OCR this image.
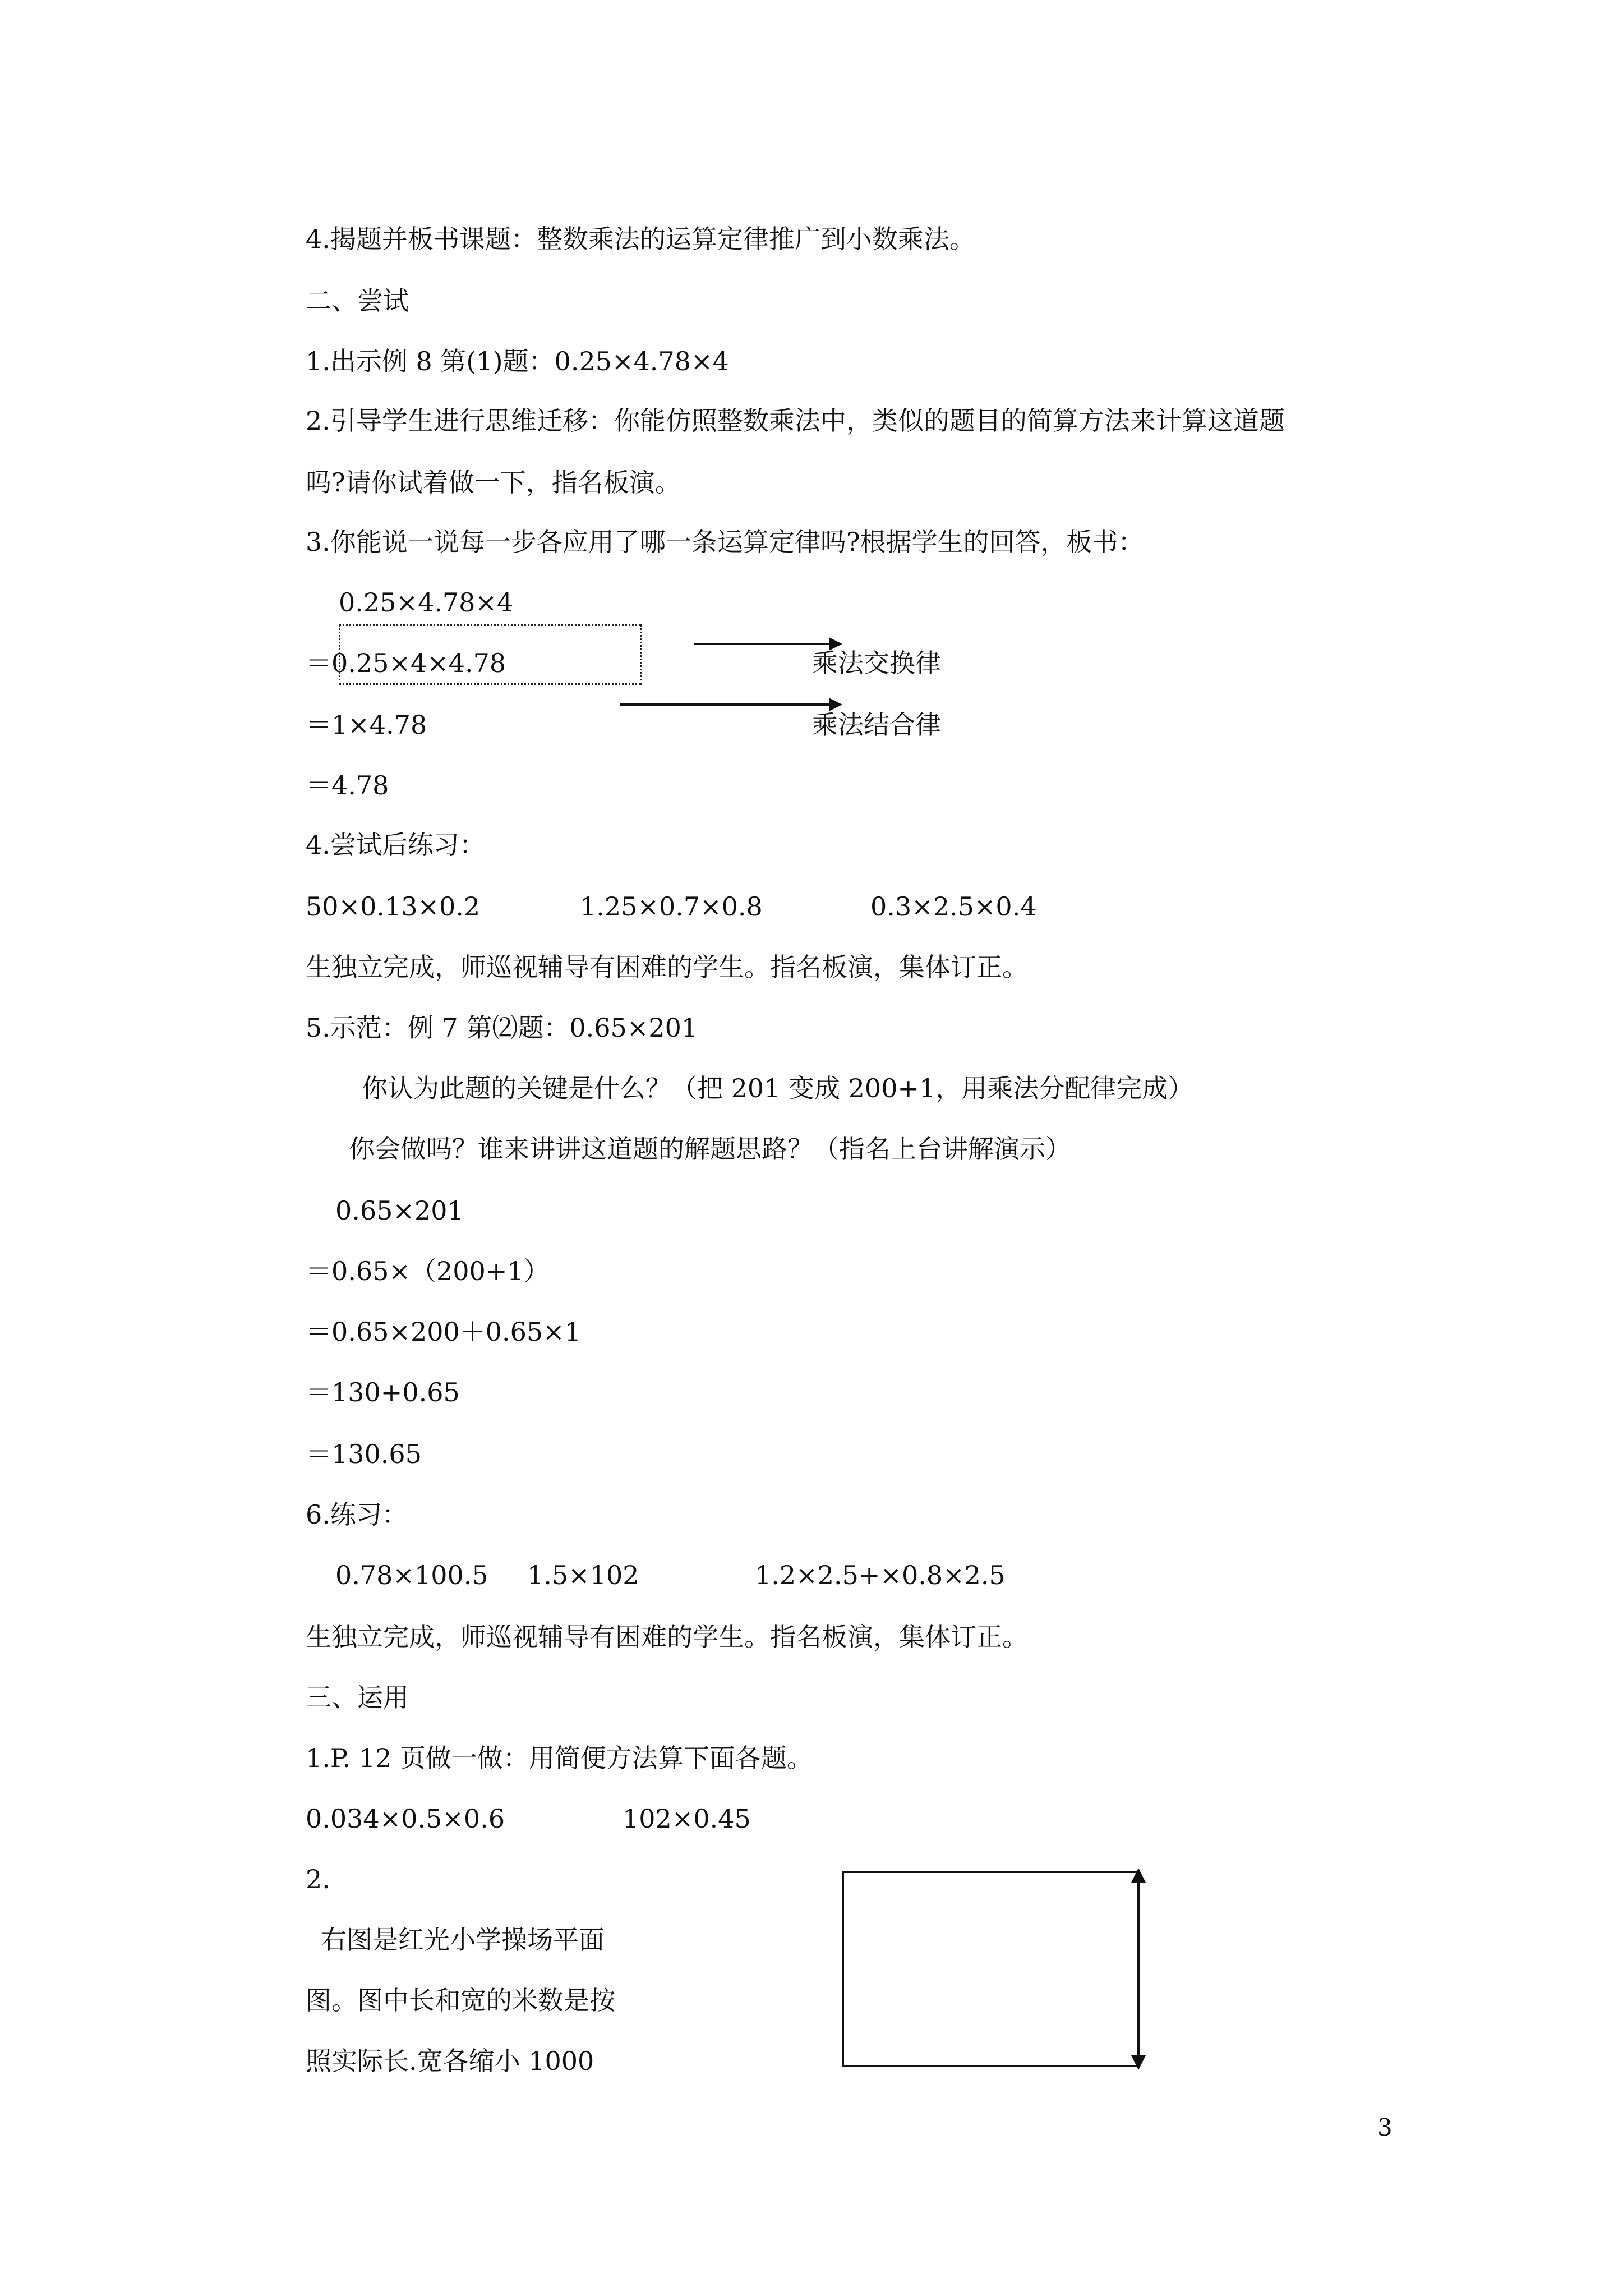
4.揭题并板书课题：整数乘法的运算定律推广到小数乘法。
二、尝试
1.出示例 8 第(1)题：0.25×4.78×4
2.引导学生进行思维迁移：你能仿照整数乘法中，类似的题目的简算方法来计算这道题
吗?请你试着做一下，指名板演。
3.你能说一说每一步各应用了哪一条运算定律吗?根据学生的回答，板书：
0.25×4.78×4
＝0.25×4×4.78	乘法交换律
＝1×4.78	乘法结合律
＝4.78
4.尝试后练习：
50×0.13×0.2	1.25×0.7×0.8	0.3×2.5×0.4
生独立完成，师巡视辅导有困难的学生。指名板演，集体订正。
5.示范：例 7 第⑵题：0.65×201
你认为此题的关键是什么？（把 201 变成 200+1，用乘法分配律完成）
你会做吗？谁来讲讲这道题的解题思路？（指名上台讲解演示）
0.65×201
＝0.65×（200+1）
＝0.65×200＋0.65×1
＝130+0.65
＝130.65
6.练习：
0.78×100.5 1.5×102	1.2×2.5+×0.8×2.5
生独立完成，师巡视辅导有困难的学生。指名板演，集体订正。
三、运用
1.P. 12 页做一做：用简便方法算下面各题。
0.034×0.5×0.6	102×0.45
2.
右图是红光小学操场平面
图。图中长和宽的米数是按
照实际长.宽各缩小 1000
3
